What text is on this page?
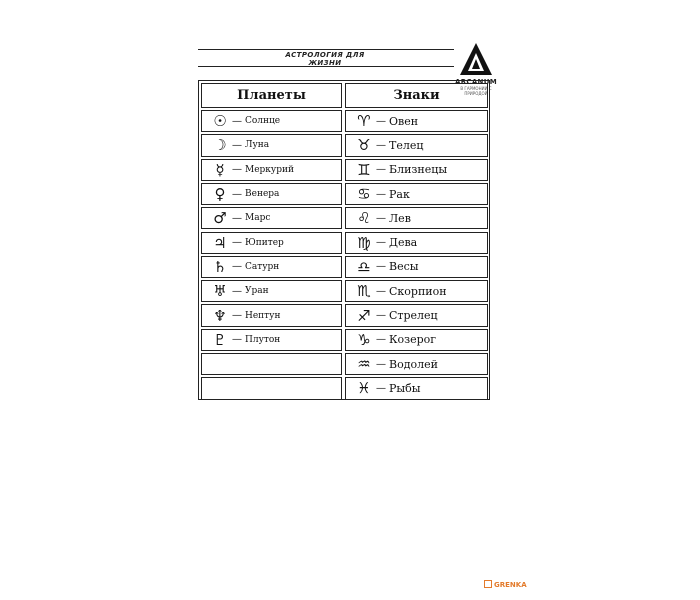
АСТРОЛОГИЯ ДЛЯ ЖИЗНИ
ARCANUM
В ГАРМОНИИ С ПРИРОДОЙ
Планеты	Знаки
☉ — Солнце
☽ — Луна
☿ — Меркурий
♀ — Венера
♂ — Марс
♃ — Юпитер
♄ — Сатурн
♅ — Уран
♆ — Нептун
♇ — Плутон
♈ — Овен
♉ — Телец
♊ — Близнецы
♋ — Рак
♌ — Лев
♍ — Дева
♎ — Весы
♏ — Скорпион
♐ — Стрелец
♑ — Козерог
♒ — Водолей
♓ — Рыбы
GRENKA
